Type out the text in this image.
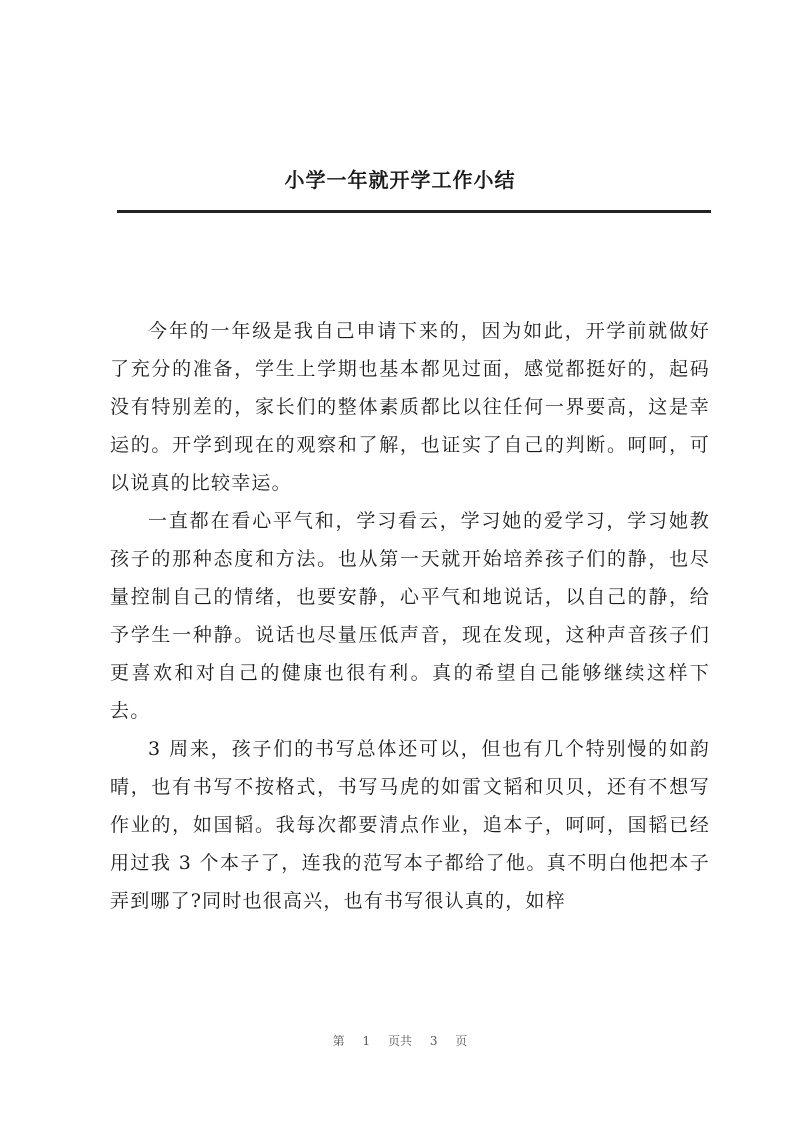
小学一年就开学工作小结

今年的一年级是我自己申请下来的，因为如此，开学前就做好了充分的准备，学生上学期也基本都见过面，感觉都挺好的，起码没有特别差的，家长们的整体素质都比以往任何一界要高，这是幸运的。开学到现在的观察和了解，也证实了自己的判断。呵呵，可以说真的比较幸运。

一直都在看心平气和，学习看云，学习她的爱学习，学习她教孩子的那种态度和方法。也从第一天就开始培养孩子们的静，也尽量控制自己的情绪，也要安静，心平气和地说话，以自己的静，给予学生一种静。说话也尽量压低声音，现在发现，这种声音孩子们更喜欢和对自己的健康也很有利。真的希望自己能够继续这样下去。

3 周来，孩子们的书写总体还可以，但也有几个特别慢的如韵晴，也有书写不按格式，书写马虎的如雷文韬和贝贝，还有不想写作业的，如国韬。我每次都要清点作业，追本子，呵呵，国韬已经用过我 3 个本子了，连我的范写本子都给了他。真不明白他把本子弄到哪了?同时也很高兴，也有书写很认真的，如梓

第 1 页共 3 页
